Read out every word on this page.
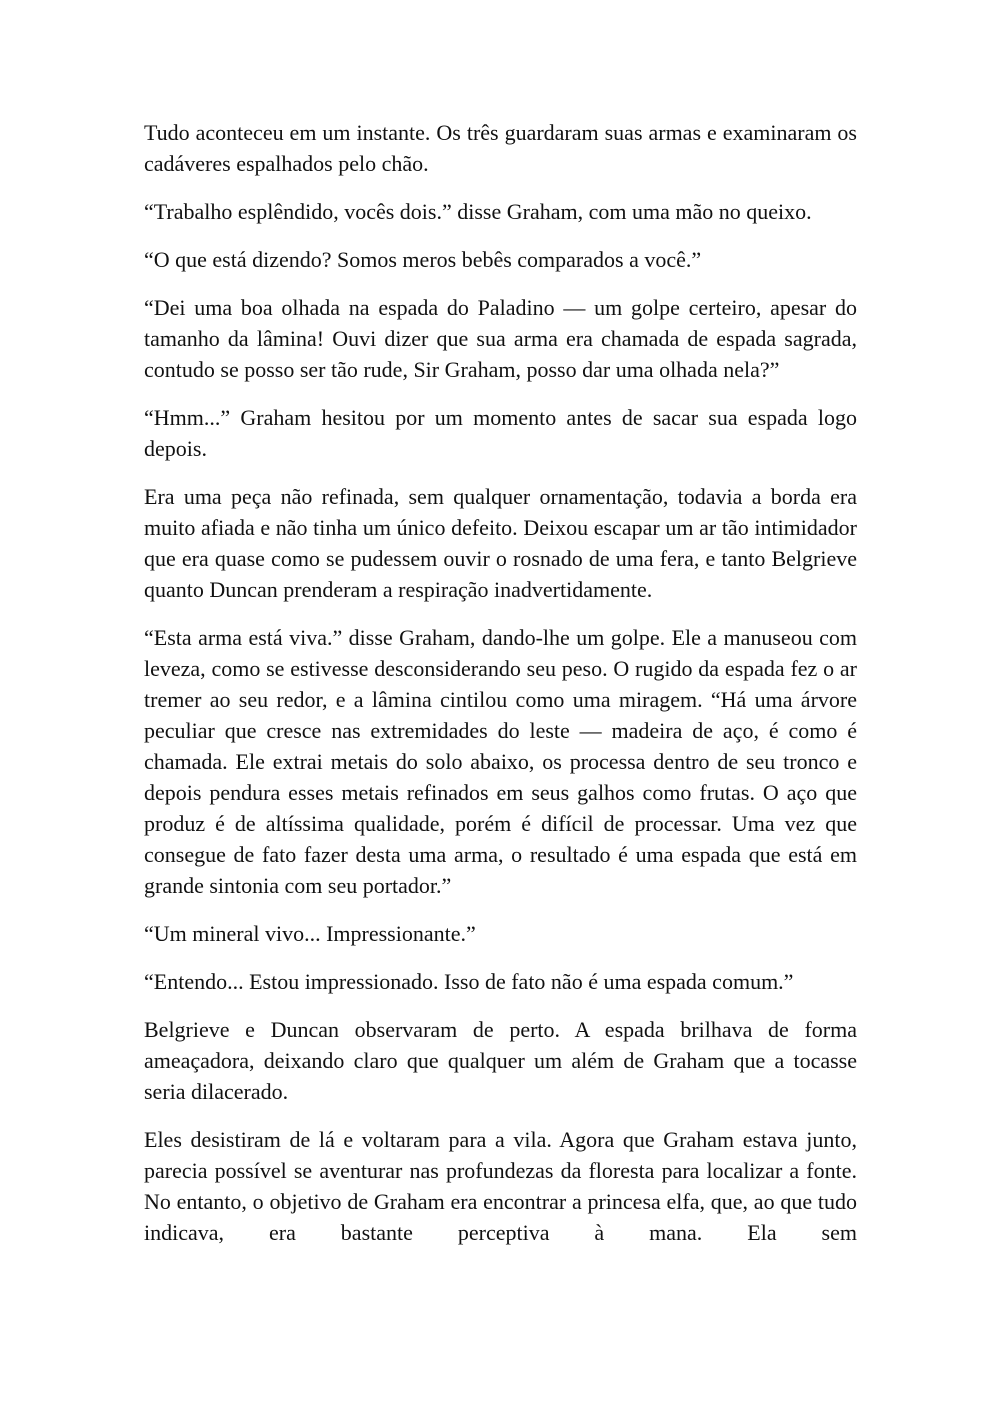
Tudo aconteceu em um instante. Os três guardaram suas armas e examinaram os cadáveres espalhados pelo chão.

“Trabalho esplêndido, vocês dois.” disse Graham, com uma mão no queixo.

“O que está dizendo? Somos meros bebês comparados a você.”

“Dei uma boa olhada na espada do Paladino — um golpe certeiro, apesar do tamanho da lâmina! Ouvi dizer que sua arma era chamada de espada sagrada, contudo se posso ser tão rude, Sir Graham, posso dar uma olhada nela?”

“Hmm...” Graham hesitou por um momento antes de sacar sua espada logo depois.

Era uma peça não refinada, sem qualquer ornamentação, todavia a borda era muito afiada e não tinha um único defeito. Deixou escapar um ar tão intimidador que era quase como se pudessem ouvir o rosnado de uma fera, e tanto Belgrieve quanto Duncan prenderam a respiração inadvertidamente.

“Esta arma está viva.” disse Graham, dando-lhe um golpe. Ele a manuseou com leveza, como se estivesse desconsiderando seu peso. O rugido da espada fez o ar tremer ao seu redor, e a lâmina cintilou como uma miragem. “Há uma árvore peculiar que cresce nas extremidades do leste — madeira de aço, é como é chamada. Ele extrai metais do solo abaixo, os processa dentro de seu tronco e depois pendura esses metais refinados em seus galhos como frutas. O aço que produz é de altíssima qualidade, porém é difícil de processar. Uma vez que consegue de fato fazer desta uma arma, o resultado é uma espada que está em grande sintonia com seu portador.”

“Um mineral vivo... Impressionante.”

“Entendo... Estou impressionado. Isso de fato não é uma espada comum.”

Belgrieve e Duncan observaram de perto. A espada brilhava de forma ameaçadora, deixando claro que qualquer um além de Graham que a tocasse seria dilacerado.

Eles desistiram de lá e voltaram para a vila. Agora que Graham estava junto, parecia possível se aventurar nas profundezas da floresta para localizar a fonte. No entanto, o objetivo de Graham era encontrar a princesa elfa, que, ao que tudo indicava, era bastante perceptiva à mana. Ela sem
